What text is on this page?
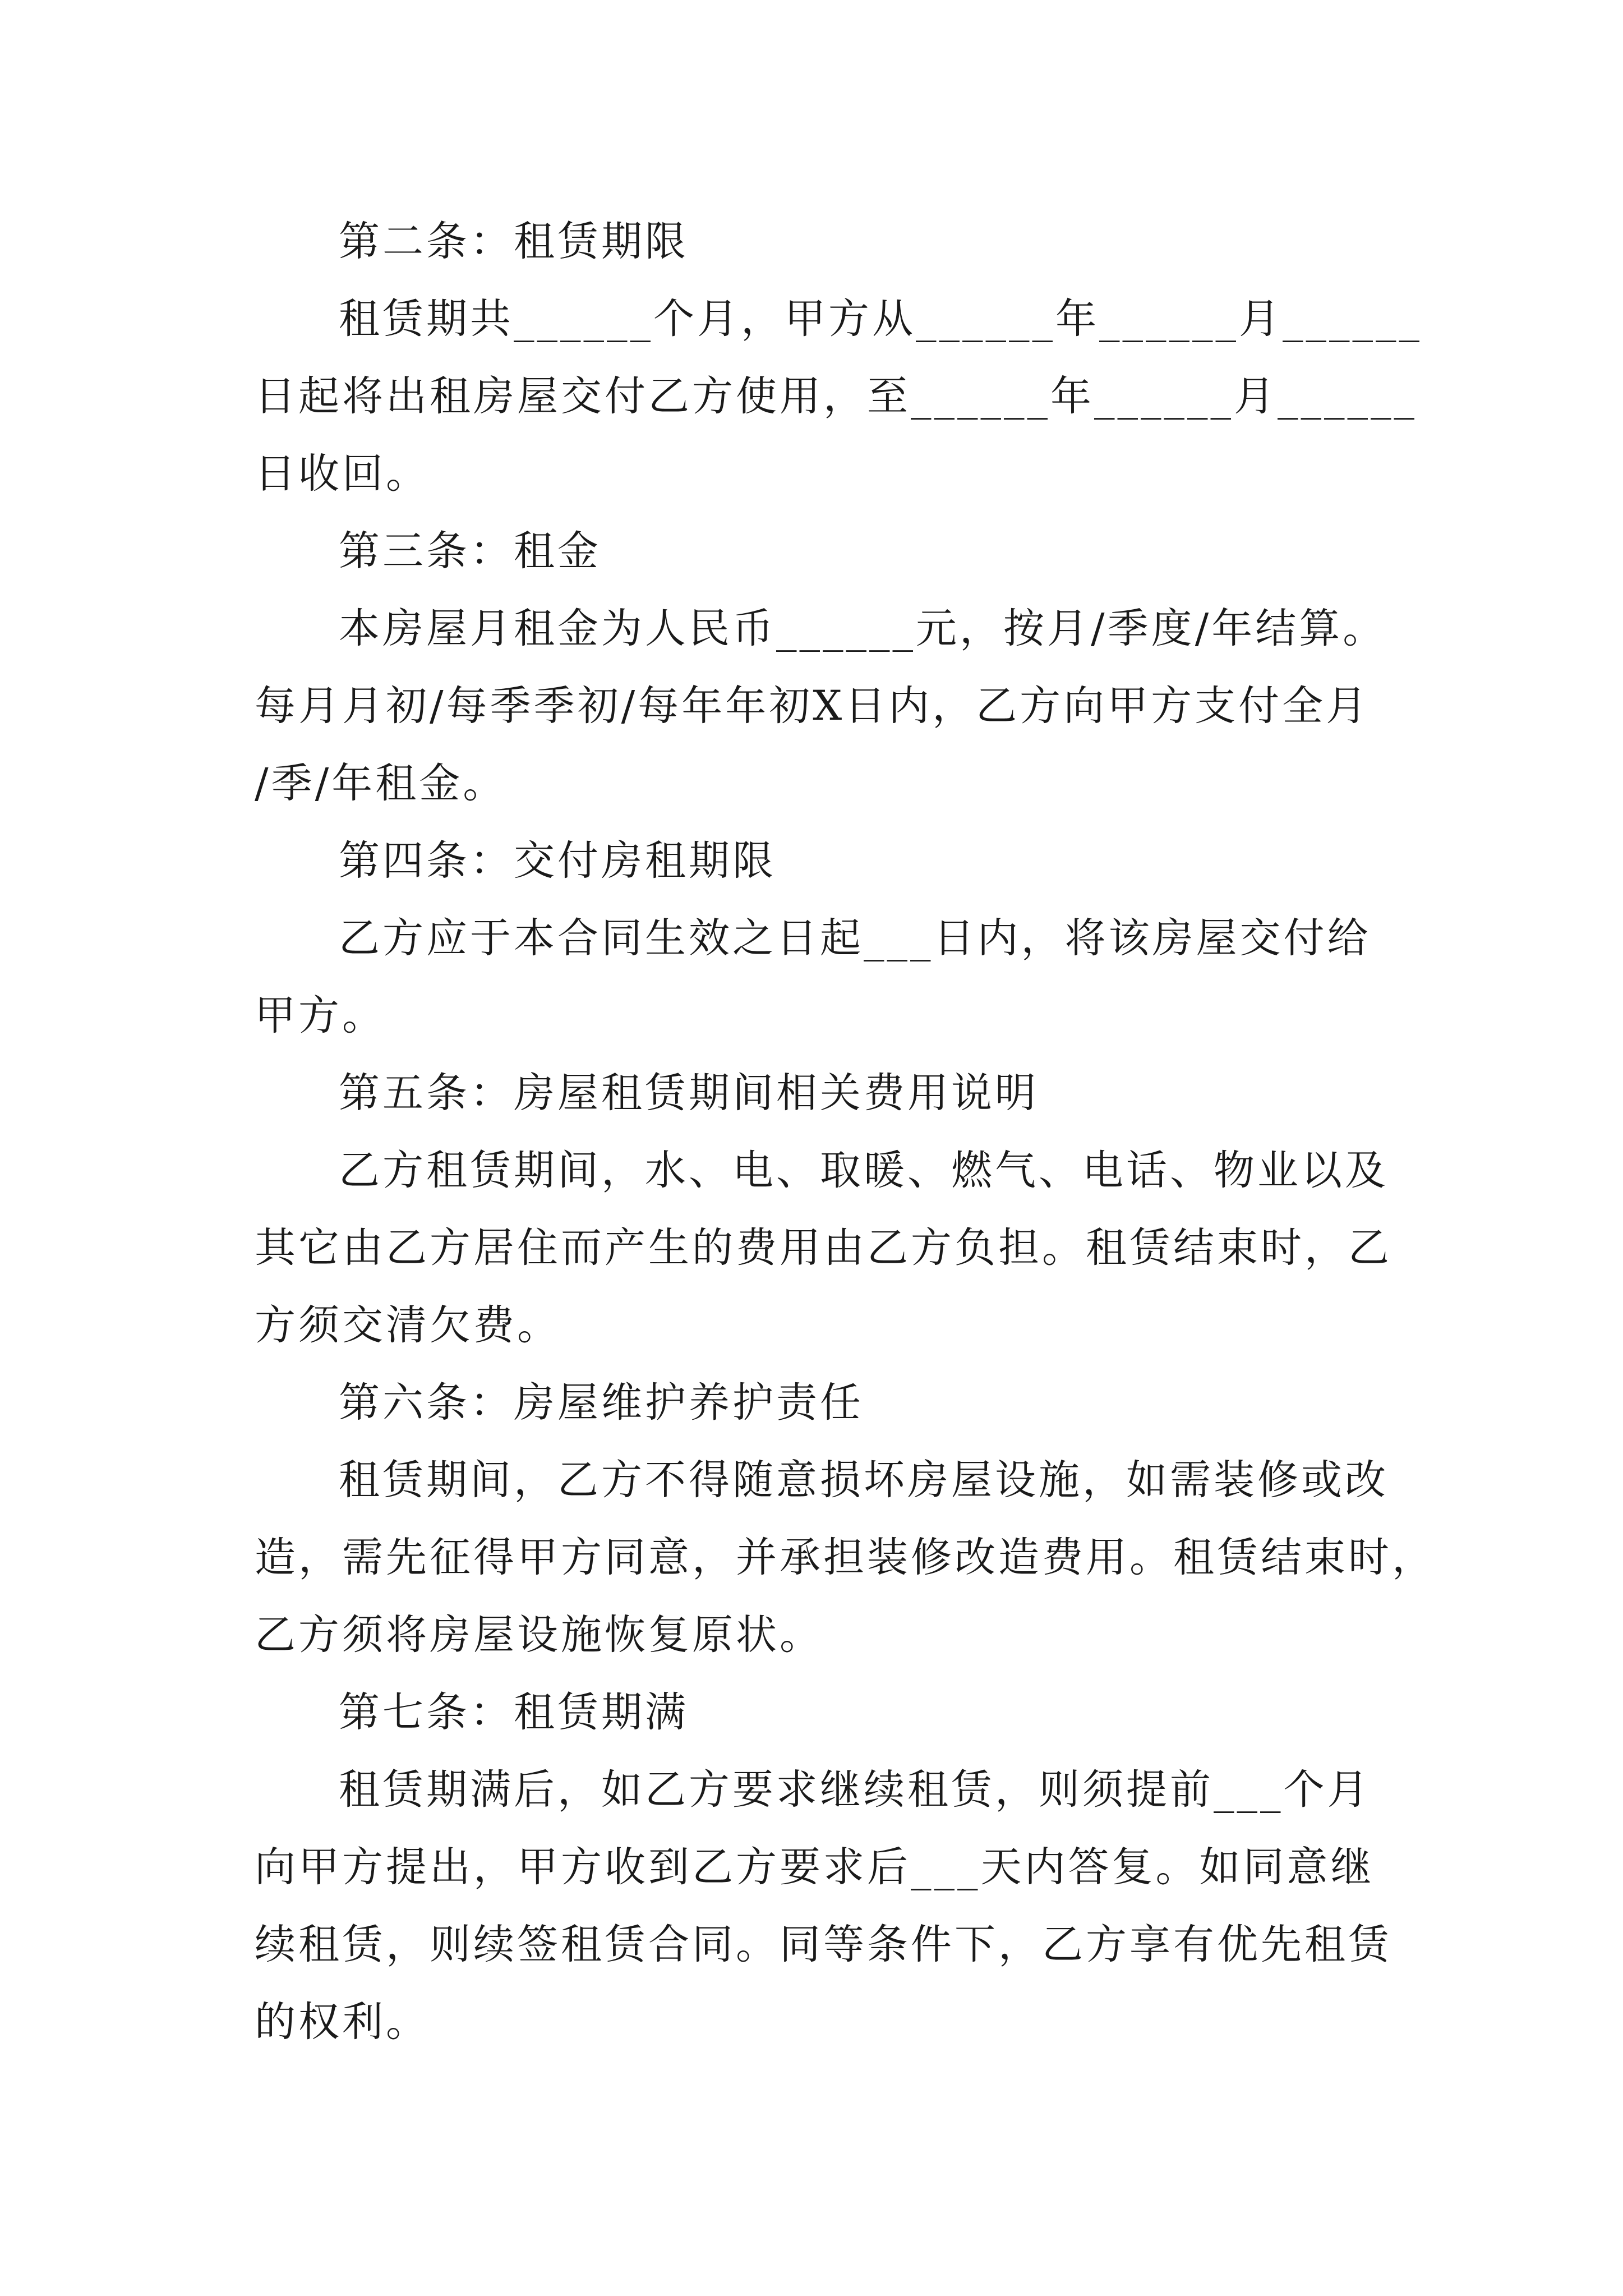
第二条：租赁期限
租赁期共______个月，甲方从______年______月______
日起将出租房屋交付乙方使用，至______年______月______
日收回。
第三条：租金
本房屋月租金为人民币______元，按月/季度/年结算。
每月月初/每季季初/每年年初X日内，乙方向甲方支付全月
/季/年租金。
第四条：交付房租期限
乙方应于本合同生效之日起___日内，将该房屋交付给
甲方。
第五条：房屋租赁期间相关费用说明
乙方租赁期间，水、电、取暖、燃气、电话、物业以及
其它由乙方居住而产生的费用由乙方负担。租赁结束时，乙
方须交清欠费。
第六条：房屋维护养护责任
租赁期间，乙方不得随意损坏房屋设施，如需装修或改
造，需先征得甲方同意，并承担装修改造费用。租赁结束时，
乙方须将房屋设施恢复原状。
第七条：租赁期满
租赁期满后，如乙方要求继续租赁，则须提前___个月
向甲方提出，甲方收到乙方要求后___天内答复。如同意继
续租赁，则续签租赁合同。同等条件下，乙方享有优先租赁
的权利。
